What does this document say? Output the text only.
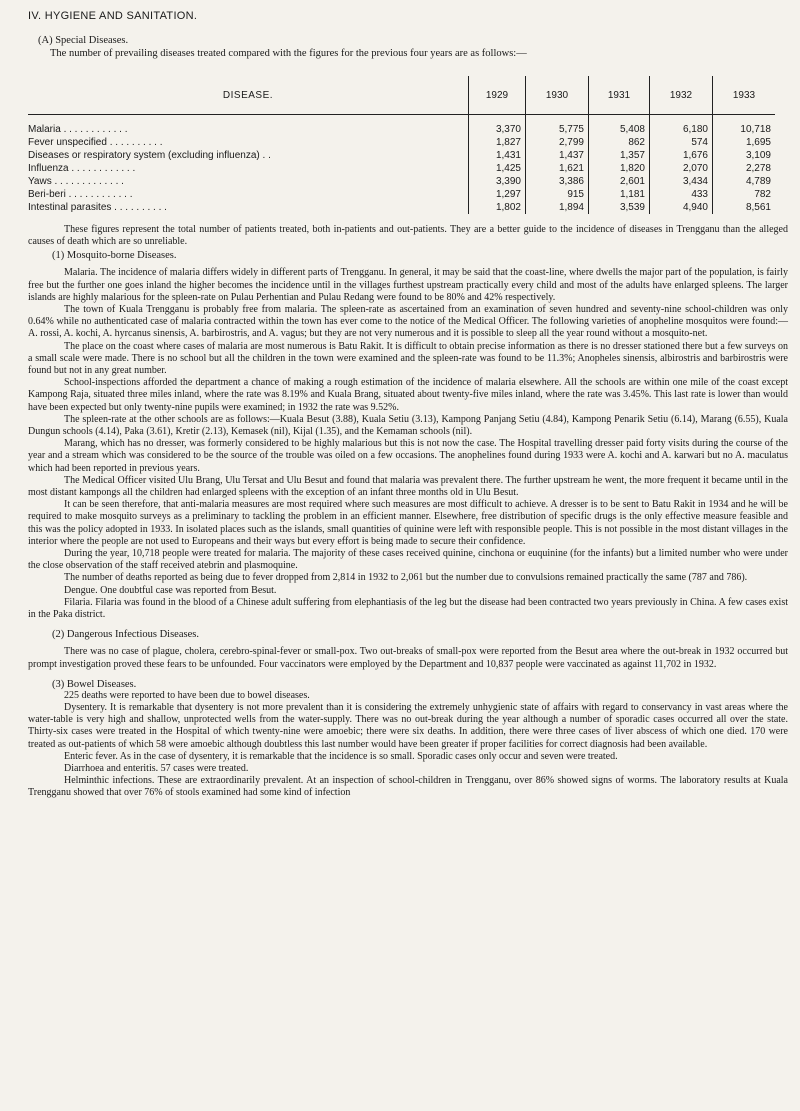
IV. HYGIENE AND SANITATION.
(A) Special Diseases.
The number of prevailing diseases treated compared with the figures for the previous four years are as follows:—
DISEASE.	1929	1930	1931	1932	1933
Malaria . . . . . . . . . . . .	3,370	5,775	5,408	6,180	10,718
Fever unspecified . . . . . . . . . .	1,827	2,799	862	574	1,695
Diseases or respiratory system (excluding influenza) . .	1,431	1,437	1,357	1,676	3,109
Influenza . . . . . . . . . . . .	1,425	1,621	1,820	2,070	2,278
Yaws . . . . . . . . . . . . .	3,390	3,386	2,601	3,434	4,789
Beri-beri . . . . . . . . . . . .	1,297	915	1,181	433	782
Intestinal parasites . . . . . . . . . .	1,802	1,894	3,539	4,940	8,561

These figures represent the total number of patients treated, both in-patients and out-patients. They are a better guide to the incidence of diseases in Trengganu than the alleged causes of death which are so unreliable.

(1) Mosquito-borne Diseases.

Malaria. The incidence of malaria differs widely in different parts of Trengganu. In general, it may be said that the coast-line, where dwells the major part of the population, is fairly free but the further one goes inland the higher becomes the incidence until in the villages furthest upstream practically every child and most of the adults have enlarged spleens. The larger islands are highly malarious for the spleen-rate on Pulau Perhentian and Pulau Redang were found to be 80% and 42% respectively.

The town of Kuala Trengganu is probably free from malaria. The spleen-rate as ascertained from an examination of seven hundred and seventy-nine school-children was only 0.64% while no authenticated case of malaria contracted within the town has ever come to the notice of the Medical Officer. The following varieties of anopheline mosquitos were found:—A. rossi, A. kochi, A. hyrcanus sinensis, A. barbirostris, and A. vagus; but they are not very numerous and it is possible to sleep all the year round without a mosquito-net.

The place on the coast where cases of malaria are most numerous is Batu Rakit. It is difficult to obtain precise information as there is no dresser stationed there but a few surveys on a small scale were made. There is no school but all the children in the town were examined and the spleen-rate was found to be 11.3%; Anopheles sinensis, albirostris and barbirostris were found but not in any great number.

School-inspections afforded the department a chance of making a rough estimation of the incidence of malaria elsewhere. All the schools are within one mile of the coast except Kampong Raja, situated three miles inland, where the rate was 8.19% and Kuala Brang, situated about twenty-five miles inland, where the rate was 3.45%. This last rate is lower than would have been expected but only twenty-nine pupils were examined; in 1932 the rate was 9.52%.

The spleen-rate at the other schools are as follows:—Kuala Besut (3.88), Kuala Setiu (3.13), Kampong Panjang Setiu (4.84), Kampong Penarik Setiu (6.14), Marang (6.55), Kuala Dungun schools (4.14), Paka (3.61), Kretir (2.13), Kemasek (nil), Kijal (1.35), and the Kemaman schools (nil).

Marang, which has no dresser, was formerly considered to be highly malarious but this is not now the case. The Hospital travelling dresser paid forty visits during the course of the year and a stream which was considered to be the source of the trouble was oiled on a few occasions. The anophelines found during 1933 were A. kochi and A. karwari but no A. maculatus which had been reported in previous years.

The Medical Officer visited Ulu Brang, Ulu Tersat and Ulu Besut and found that malaria was prevalent there. The further upstream he went, the more frequent it became until in the most distant kampongs all the children had enlarged spleens with the exception of an infant three months old in Ulu Besut.

It can be seen therefore, that anti-malaria measures are most required where such measures are most difficult to achieve. A dresser is to be sent to Batu Rakit in 1934 and he will be required to make mosquito surveys as a preliminary to tackling the problem in an efficient manner. Elsewhere, free distribution of specific drugs is the only effective measure feasible and this was the policy adopted in 1933. In isolated places such as the islands, small quantities of quinine were left with responsible people. This is not possible in the most distant villages in the interior where the people are not used to Europeans and their ways but every effort is being made to secure their confidence.

During the year, 10,718 people were treated for malaria. The majority of these cases received quinine, cinchona or euquinine (for the infants) but a limited number who were under the close observation of the staff received atebrin and plasmoquine.

The number of deaths reported as being due to fever dropped from 2,814 in 1932 to 2,061 but the number due to convulsions remained practically the same (787 and 786).

Dengue. One doubtful case was reported from Besut.

Filaria. Filaria was found in the blood of a Chinese adult suffering from elephantiasis of the leg but the disease had been contracted two years previously in China. A few cases exist in the Paka district.

(2) Dangerous Infectious Diseases.

There was no case of plague, cholera, cerebro-spinal-fever or small-pox. Two out-breaks of small-pox were reported from the Besut area where the out-break in 1932 occurred but prompt investigation proved these fears to be unfounded. Four vaccinators were employed by the Department and 10,837 people were vaccinated as against 11,702 in 1932.

(3) Bowel Diseases.

225 deaths were reported to have been due to bowel diseases.

Dysentery. It is remarkable that dysentery is not more prevalent than it is considering the extremely unhygienic state of affairs with regard to conservancy in vast areas where the water-table is very high and shallow, unprotected wells from the water-supply. There was no out-break during the year although a number of sporadic cases occurred all over the state. Thirty-six cases were treated in the Hospital of which twenty-nine were amoebic; there were six deaths. In addition, there were three cases of liver abscess of which one died. 170 were treated as out-patients of which 58 were amoebic although doubtless this last number would have been greater if proper facilities for correct diagnosis had been available.

Enteric fever. As in the case of dysentery, it is remarkable that the incidence is so small. Sporadic cases only occur and seven were treated.

Diarrhoea and enteritis. 57 cases were treated.

Helminthic infections. These are extraordinarily prevalent. At an inspection of school-children in Trengganu, over 86% showed signs of worms. The laboratory results at Kuala Trengganu showed that over 76% of stools examined had some kind of infection
